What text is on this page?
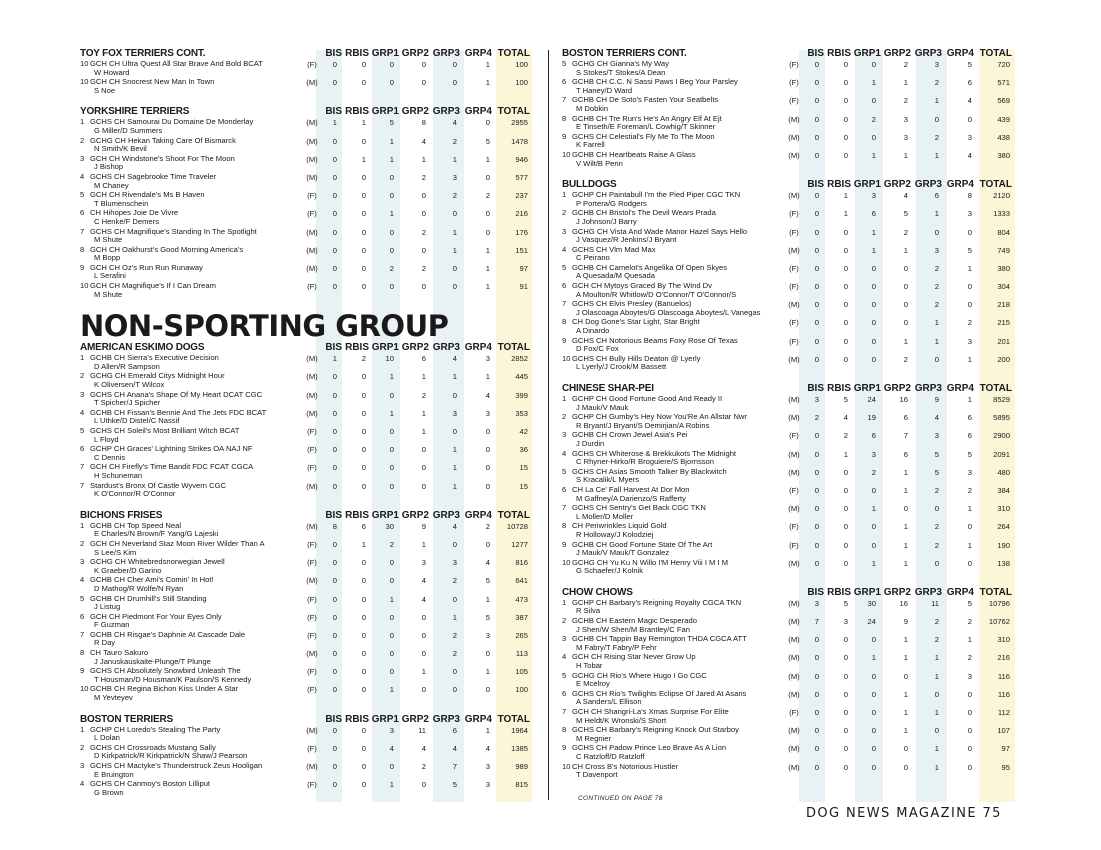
TOY FOX TERRIERS CONT.	BIS RBIS GRP1 GRP2 GRP3 GRP4 TOTAL
10 GCH CH Ultra Quest All Star Brave And Bold BCAT
W Howard
(F)	0	0	0	0	0	1	100
10 GCH CH Snocrest New Man In Town
S Noe
(M)	0	0	0	0	0	1	100
YORKSHIRE TERRIERS	BIS RBIS GRP1 GRP2 GRP3 GRP4 TOTAL
1 GCHS CH Samourai Du Domaine De Monderlay
G Miller/D Summers
(M)	1	1	5	8	4	0	2955
2 GCHG CH Hekan Taking Care Of Bismarck
N Smith/K Bevil
(M)	0	0	1	4	2	5	1478
3 GCH CH Windstone's Shoot For The Moon
J Bishop
(M)	0	1	1	1	1	1	946
4 GCHS CH Sagebrooke Time Traveler
M Chaney
(M)	0	0	0	2	3	0	577
5 GCH CH Rivendale's Ms B Haven
T Blumenschein
(F)	0	0	0	0	2	2	237
6 CH Hihopes Joie De Vivre
C Henke/F Demers
(F)	0	0	1	0	0	0	216
7 GCHS CH Magnifique's Standing In The Spotlight
M Shute
(M)	0	0	0	2	1	0	176
8 GCH CH Oakhurst's Good Morning America's
M Bopp
(M)	0	0	0	0	1	1	151
9 GCH CH Oz's Run Run Runaway
L Serafini
(M)	0	0	2	2	0	1	97
10 GCH CH Magnifique's If I Can Dream
M Shute
(F)	0	0	0	0	0	1	91
NON-SPORTING GROUP
AMERICAN ESKIMO DOGS	BIS RBIS GRP1 GRP2 GRP3 GRP4 TOTAL
1 GCHB CH Sierra's Executive Decision
D Allen/R Sampson
(M)	1	2	10	6	4	3	2852
2 GCHG CH Emerald Citys Midnight Hour
K Oliversen/T Wilcox
(M)	0	0	1	1	1	1	445
3 GCHS CH Anana's Shape Of My Heart DCAT CGC
T Spicher/J Spicher
(M)	0	0	0	2	0	4	399
4 GCHB CH Fissan's Bennie And The Jets FDC BCAT
L Uthke/D Distel/C Nassif
(M)	0	0	1	1	3	3	353
5 GCHS CH Soleil's Most Brilliant Witch BCAT
L Floyd
(F)	0	0	0	1	0	0	42
6 GCHP CH Graces' Lightning Strikes OA NAJ NF
C Dennis
(F)	0	0	0	0	1	0	36
7 GCH CH Firefly's Time Bandit FDC FCAT CGCA
H Schuneman
(F)	0	0	0	0	1	0	15
7 Stardust's Bronx Of Castle Wyvern CGC
K O'Connor/R O'Connor
(M)	0	0	0	0	1	0	15
BICHONS FRISES	BIS RBIS GRP1 GRP2 GRP3 GRP4 TOTAL
1 GCHB CH Top Speed Neal
E Charles/N Brown/F Yang/G Lajeski
(M)	8	6	30	9	4	2	10728
2 GCH CH Neverland Staz Moon River Wilder Than A
S Lee/S Kim
(F)	0	1	2	1	0	0	1277
3 GCHG CH Whitebredsnorwegian Jewell
K Graeber/D Garino
(F)	0	0	0	3	3	4	816
4 GCHB CH Cher Ami's Comin' In Hot!
D Mathog/R Wolfe/N Ryan
(M)	0	0	0	4	2	5	641
5 GCHB CH Drumhill's Still Standing
J Listug
(F)	0	0	1	4	0	1	473
6 GCH CH Piedmont For Your Eyes Only
F Guzman
(F)	0	0	0	0	1	5	387
7 GCHB CH Risgae's Daphnie At Cascade Dale
R Day
(F)	0	0	0	0	2	3	265
8 CH Tauro Sakuro
J Januskauskaite-Plunge/T Plunge
(M)	0	0	0	0	2	0	113
9 GCHS CH Absolutely Snowbird Unleash The
T Housman/D Housman/K Paulson/S Kennedy
(F)	0	0	0	1	0	1	105
10 GCHB CH Regina Bichon Kiss Under A Star
M Yevteyev
(F)	0	0	1	0	0	0	100
BOSTON TERRIERS	BIS RBIS GRP1 GRP2 GRP3 GRP4 TOTAL
1 GCHP CH Loredo's Stealing The Party
L Dolan
(M)	0	0	3	11	6	1	1964
2 GCHS CH Crossroads Mustang Sally
D Kirkpatrick/R Kirkpatrick/N Shaw/J Pearson
(F)	0	0	4	4	4	4	1385
3 GCHS CH Mactyke's Thunderstruck Zeus Hooligan
E Bruington
(M)	0	0	0	2	7	3	989
4 GCHS CH Canmoy's Boston Lilliput
G Brown
(F)	0	0	1	0	5	3	815
BOSTON TERRIERS CONT.	BIS RBIS GRP1 GRP2 GRP3 GRP4 TOTAL
5 GCHG CH Gianna's My Way
S Stokes/T Stokes/A Dean
(F)	0	0	0	2	3	5	720
6 GCHB CH C.C. N Sassi Paws I Beg Your Parsley
T Haney/D Ward
(F)	0	0	1	1	2	6	571
7 GCHB CH De Soto's Fasten Your Seatbelts
M Dobkin
(F)	0	0	0	2	1	4	569
8 GCHB CH Tre Run's He's An Angry Elf At Ejt
E Tinseth/E Foreman/L Cowhig/T Skinner
(M)	0	0	2	3	0	0	439
9 GCHS CH Celestial's Fly Me To The Moon
K Farrell
(M)	0	0	0	3	2	3	438
10 GCHB CH Heartbeats Raise A Glass
V Wilt/B Penn
(M)	0	0	1	1	1	4	380
BULLDOGS	BIS RBIS GRP1 GRP2 GRP3 GRP4 TOTAL
1 GCHP CH Paintabull I'm the Pied Piper CGC TKN
P Portera/G Rodgers
(M)	0	1	3	4	6	8	2120
2 GCHB CH Bristol's The Devil Wears Prada
J Johnson/J Barry
(F)	0	1	6	5	1	3	1333
3 GCHG CH Vista And Wade Manor Hazel Says Hello
J Vasquez/R Jenkins/J Bryant
(F)	0	0	1	2	0	0	804
4 GCHS CH Vlm Mad Max
C Peirano
(M)	0	0	1	1	3	5	749
5 GCHB CH Camelot's Angelika Of Open Skyes
A Quesada/M Quesada
(F)	0	0	0	0	2	1	380
6 GCH CH Mytoys Graced By The Wind Dv
A Moulton/R Whitlow/D O'Connor/T O'Connor/S
(F)	0	0	0	0	2	0	304
7 GCHS CH Elvis Presley (Banuelos)
J Olascoaga Aboytes/G Olascoaga Aboytes/L Vanegas
(M)	0	0	0	0	2	0	218
8 CH Dog Gone's Star Light, Star Bright
A Dinardo
(F)	0	0	0	0	1	2	215
9 GCHS CH Notorious Beams Foxy Rose Of Texas
D Fox/C Fox
(F)	0	0	0	1	1	3	201
10 GCHS CH Bully Hills Deaton @ Lyerly
L Lyerly/J Crook/M Bassett
(M)	0	0	0	2	0	1	200
CHINESE SHAR-PEI	BIS RBIS GRP1 GRP2 GRP3 GRP4 TOTAL
1 GCHP CH Good Fortune Good And Ready II
J Mauk/V Mauk
(M)	3	5	24	16	9	1	8529
2 GCHP CH Gumby's Hey Now You'Re An Allstar Nwr
R Bryant/J Bryant/S Demirjian/A Robins
(M)	2	4	19	6	4	6	5895
3 GCHB CH Crown Jewel Asia's Pei
J Durdin
(F)	0	2	6	7	3	6	2900
4 GCHS CH Whiterose & Brekkukots The Midnight
C Rhyner-Hirko/R Broguiere/S Bjornsson
(M)	0	1	3	6	5	5	2091
5 GCHS CH Asias Smooth Talker By Blackwitch
S Kracalik/L Myers
(M)	0	0	2	1	5	3	480
6 CH La Ce' Fall Harvest At Dor Mon
M Gaffney/A Darienzo/S Rafferty
(F)	0	0	0	1	2	2	384
7 GCHS CH Sentry's Get Back CGC TKN
L Moller/D Moller
(M)	0	0	1	0	0	1	310
8 CH Periwrinkles Liquid Gold
R Holloway/J Kolodziej
(F)	0	0	0	1	2	0	264
9 GCHB CH Good Fortune State Of The Art
J Mauk/V Mauk/T Gonzalez
(F)	0	0	0	1	2	1	190
10 GCHG CH Yu Ku N Willo I'M Henry Viii I M I M
G Schaefer/J Kolnik
(M)	0	0	1	1	0	0	138
CHOW CHOWS	BIS RBIS GRP1 GRP2 GRP3 GRP4 TOTAL
1 GCHP CH Barbary's Reigning Royalty CGCA TKN
R Silva
(M)	3	5	30	16	11	5	10796
2 GCHB CH Eastern Magic Desperado
J Shen/W Shen/M Brantley/C Fan
(M)	7	3	24	9	2	2	10762
3 GCHB CH Tappin Bay Remington THDA CGCA ATT
M Fabry/T Fabry/P Fehr
(M)	0	0	0	1	2	1	310
4 GCH CH Rising Star Never Grow Up
H Tobar
(M)	0	0	1	1	1	2	216
5 GCHG CH Rio's Where Hugo I Go CGC
E Mcelroy
(M)	0	0	0	0	1	3	116
6 GCHS CH Rio's Twilights Eclipse Of Jared At Asans
A Sanders/L Ellison
(M)	0	0	0	1	0	0	116
7 GCH CH Shangri-La's Xmas Surprise For Elite
M Heldt/K Wronski/S Short
(F)	0	0	0	1	1	0	112
8 GCHS CH Barbary's Reigning Knock Out Starboy
M Regnier
(M)	0	0	0	1	0	0	107
9 GCHS CH Padow Prince Leo Brave As A Lion
C Ratzloff/D Ratzloff
(M)	0	0	0	0	1	0	97
10 CH Cross B's Notorious Hustler
T Davenport
(M)	0	0	0	0	1	0	95
CONTINUED ON PAGE 78
DOG NEWS MAGAZINE 75
